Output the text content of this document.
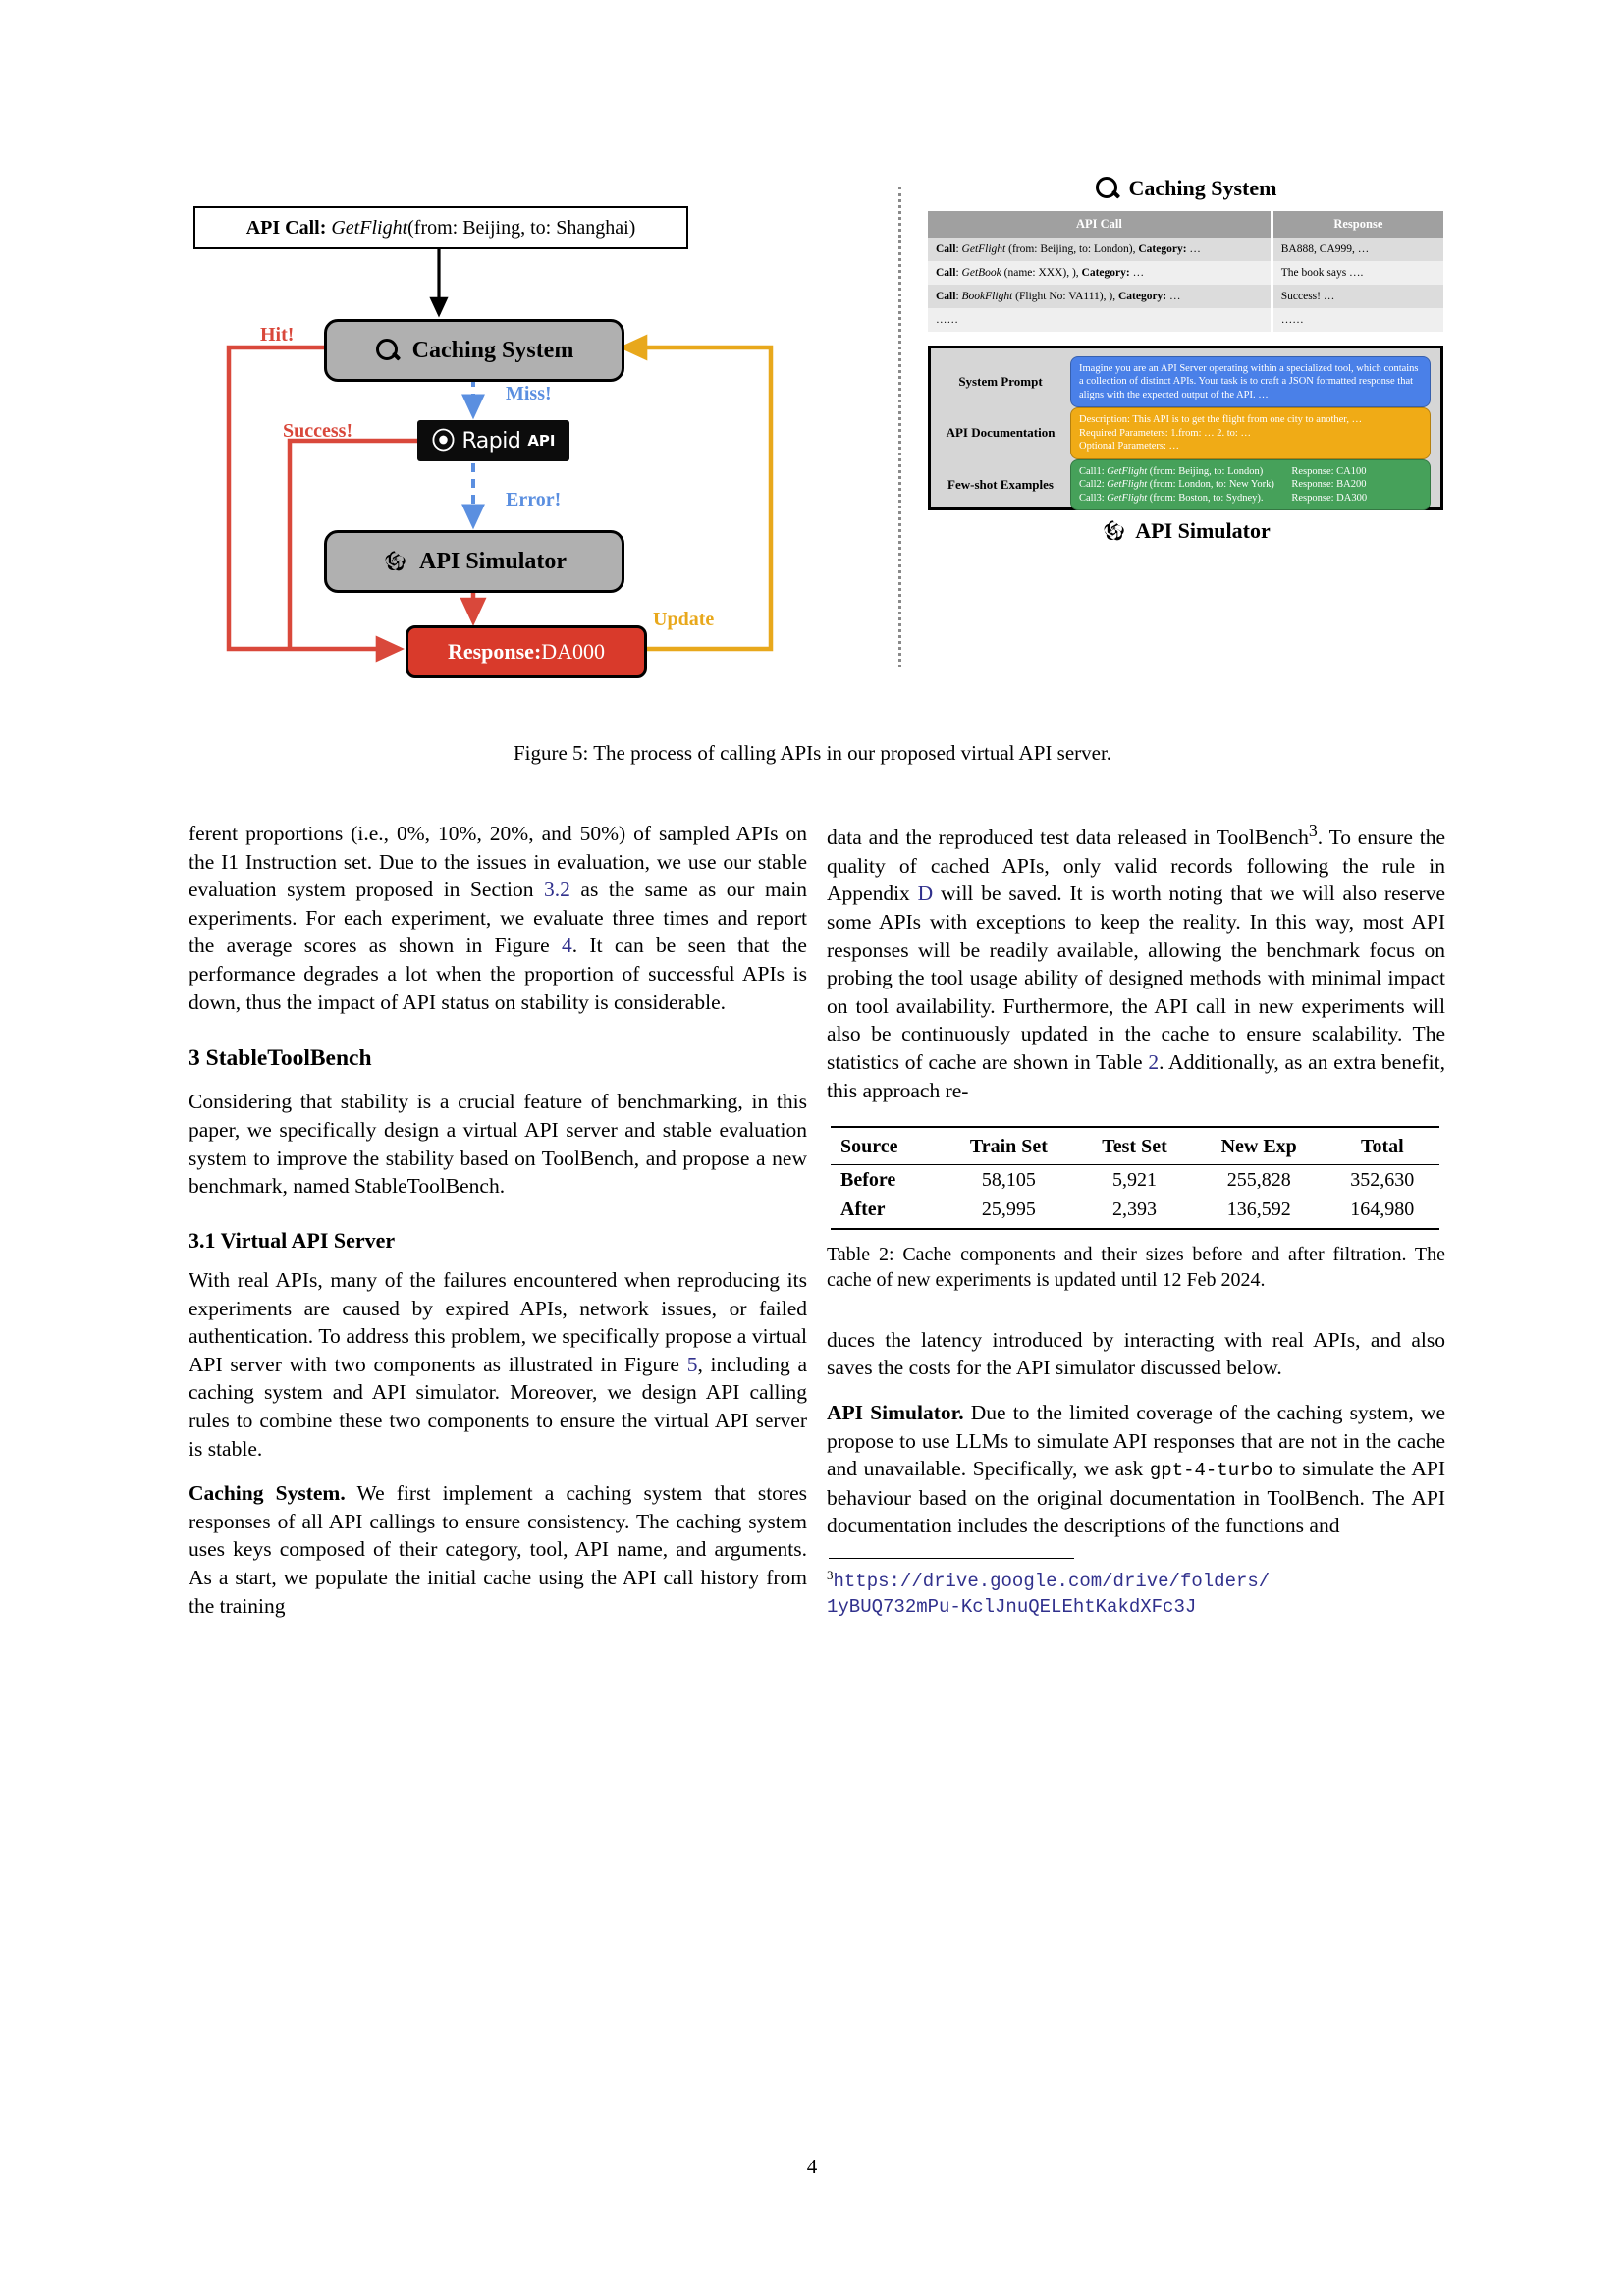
API Call:
GetFlight (from: Beijing, to: Shanghai)
Caching System
⦿ Rapid API
API Simulator
Response: DA000
Hit!
Miss!
Success!
Error!
Update
Caching System
API Call	Response
Call: GetFlight (from: Beijing, to: London), Category: …	BA888, CA999, …
Call: GetBook (name: XXX), ), Category: …	The book says ….
Call: BookFlight (Flight No: VA111), ), Category: …	Success! …
……	……
System Prompt
Imagine you are an API Server operating within a specialized tool, which contains a collection of distinct APIs. Your task is to craft a JSON formatted response that aligns with the expected output of the API. …
API Documentation
Description: This API is to get the flight from one city to another, …
Required Parameters: 1.from: … 2. to: …
Optional Parameters: …
Few-shot Examples
Call1: GetFlight (from: Beijing, to: London)	Response: CA100
Call2: GetFlight (from: London, to: New York)	Response: BA200
Call3: GetFlight (from: Boston, to: Sydney).	Response: DA300
API Simulator
Figure 5: The process of calling APIs in our proposed virtual API server.

ferent proportions (i.e., 0%, 10%, 20%, and 50%) of sampled APIs on the I1 Instruction set. Due to the issues in evaluation, we use our stable evaluation system proposed in Section 3.2 as the same as our main experiments. For each experiment, we evaluate three times and report the average scores as shown in Figure 4. It can be seen that the performance degrades a lot when the proportion of successful APIs is down, thus the impact of API status on stability is considerable.

3 StableToolBench

Considering that stability is a crucial feature of benchmarking, in this paper, we specifically design a virtual API server and stable evaluation system to improve the stability based on ToolBench, and propose a new benchmark, named StableToolBench.

3.1 Virtual API Server

With real APIs, many of the failures encountered when reproducing its experiments are caused by expired APIs, network issues, or failed authentication. To address this problem, we specifically propose a virtual API server with two components as illustrated in Figure 5, including a caching system and API simulator. Moreover, we design API calling rules to combine these two components to ensure the virtual API server is stable.

Caching System. We first implement a caching system that stores responses of all API callings to ensure consistency. The caching system uses keys composed of their category, tool, API name, and arguments. As a start, we populate the initial cache using the API call history from the training

data and the reproduced test data released in ToolBench$^3$. To ensure the quality of cached APIs, only valid records following the rule in Appendix D will be saved. It is worth noting that we will also reserve some APIs with exceptions to keep the reality. In this way, most API responses will be readily available, allowing the benchmark focus on probing the tool usage ability of designed methods with minimal impact on tool availability. Furthermore, the API call in new experiments will also be continuously updated in the cache to ensure scalability. The statistics of cache are shown in Table 2. Additionally, as an extra benefit, this approach re-

Source	Train Set	Test Set	New Exp	Total
Before	58,105	5,921	255,828	352,630
After	25,995	2,393	136,592	164,980
Table 2: Cache components and their sizes before and after filtration. The cache of new experiments is updated until 12 Feb 2024.

duces the latency introduced by interacting with real APIs, and also saves the costs for the API simulator discussed below.

API Simulator. Due to the limited coverage of the caching system, we propose to use LLMs to simulate API responses that are not in the cache and unavailable. Specifically, we ask gpt-4-turbo to simulate the API behaviour based on the original documentation in ToolBench. The API documentation includes the descriptions of the functions and

$^3$https://drive.google.com/drive/folders/
1yBUQ732mPu-KclJnuQELEhtKakdXFc3J
4
